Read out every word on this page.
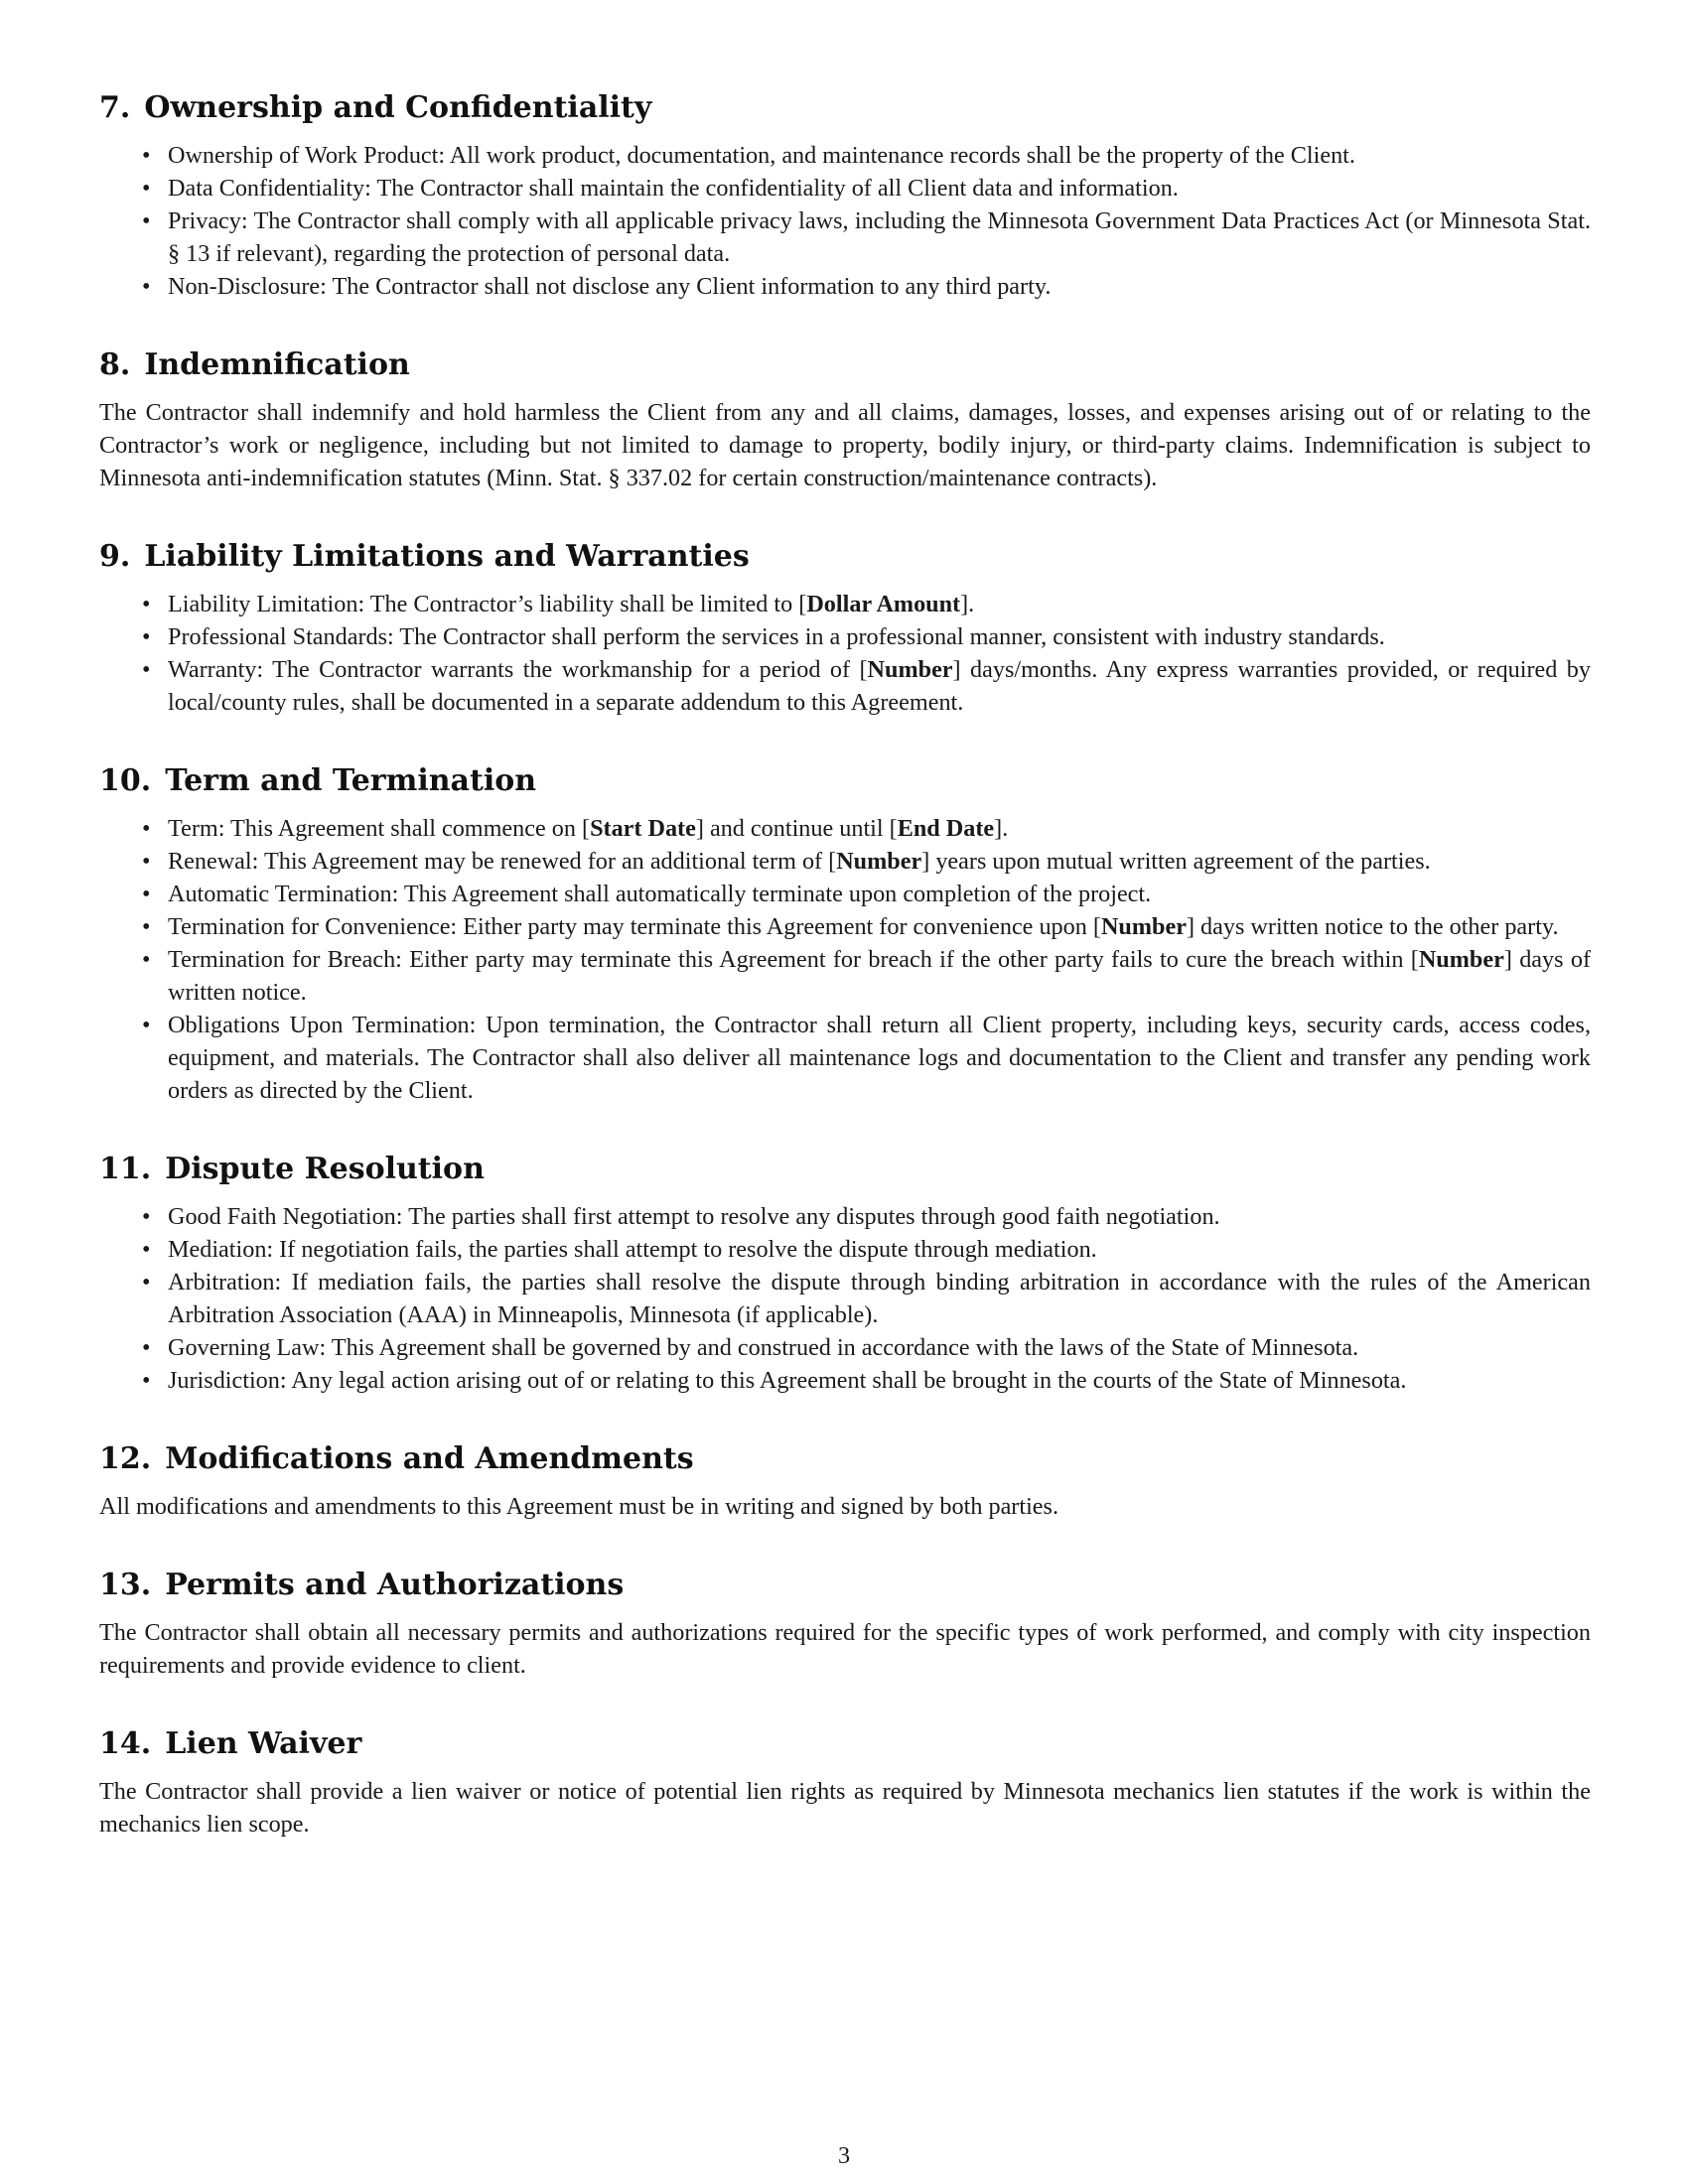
7. Ownership and Confidentiality
• Ownership of Work Product: All work product, documentation, and maintenance records shall be the property of the Client.
• Data Confidentiality: The Contractor shall maintain the confidentiality of all Client data and information.
• Privacy: The Contractor shall comply with all applicable privacy laws, including the Minnesota Government Data Practices Act (or Minnesota Stat. § 13 if relevant), regarding the protection of personal data.
• Non-Disclosure: The Contractor shall not disclose any Client information to any third party.
8. Indemnification

The Contractor shall indemnify and hold harmless the Client from any and all claims, damages, losses, and expenses arising out of or relating to the Contractor’s work or negligence, including but not limited to damage to property, bodily injury, or third-party claims. Indemnification is subject to Minnesota anti-indemnification statutes (Minn. Stat. § 337.02 for certain construction/maintenance contracts).

9. Liability Limitations and Warranties
• Liability Limitation: The Contractor’s liability shall be limited to [Dollar Amount].
• Professional Standards: The Contractor shall perform the services in a professional manner, consistent with industry standards.
• Warranty: The Contractor warrants the workmanship for a period of [Number] days/months. Any express warranties provided, or required by local/county rules, shall be documented in a separate addendum to this Agreement.
10. Term and Termination
• Term: This Agreement shall commence on [Start Date] and continue until [End Date].
• Renewal: This Agreement may be renewed for an additional term of [Number] years upon mutual written agreement of the parties.
• Automatic Termination: This Agreement shall automatically terminate upon completion of the project.
• Termination for Convenience: Either party may terminate this Agreement for convenience upon [Number] days written notice to the other party.
• Termination for Breach: Either party may terminate this Agreement for breach if the other party fails to cure the breach within [Number] days of written notice.
• Obligations Upon Termination: Upon termination, the Contractor shall return all Client property, including keys, security cards, access codes, equipment, and materials. The Contractor shall also deliver all maintenance logs and documentation to the Client and transfer any pending work orders as directed by the Client.
11. Dispute Resolution
• Good Faith Negotiation: The parties shall first attempt to resolve any disputes through good faith negotiation.
• Mediation: If negotiation fails, the parties shall attempt to resolve the dispute through mediation.
• Arbitration: If mediation fails, the parties shall resolve the dispute through binding arbitration in accordance with the rules of the American Arbitration Association (AAA) in Minneapolis, Minnesota (if applicable).
• Governing Law: This Agreement shall be governed by and construed in accordance with the laws of the State of Minnesota.
• Jurisdiction: Any legal action arising out of or relating to this Agreement shall be brought in the courts of the State of Minnesota.
12. Modifications and Amendments

All modifications and amendments to this Agreement must be in writing and signed by both parties.

13. Permits and Authorizations

The Contractor shall obtain all necessary permits and authorizations required for the specific types of work performed, and comply with city inspection requirements and provide evidence to client.

14. Lien Waiver

The Contractor shall provide a lien waiver or notice of potential lien rights as required by Minnesota mechanics lien statutes if the work is within the mechanics lien scope.

3
